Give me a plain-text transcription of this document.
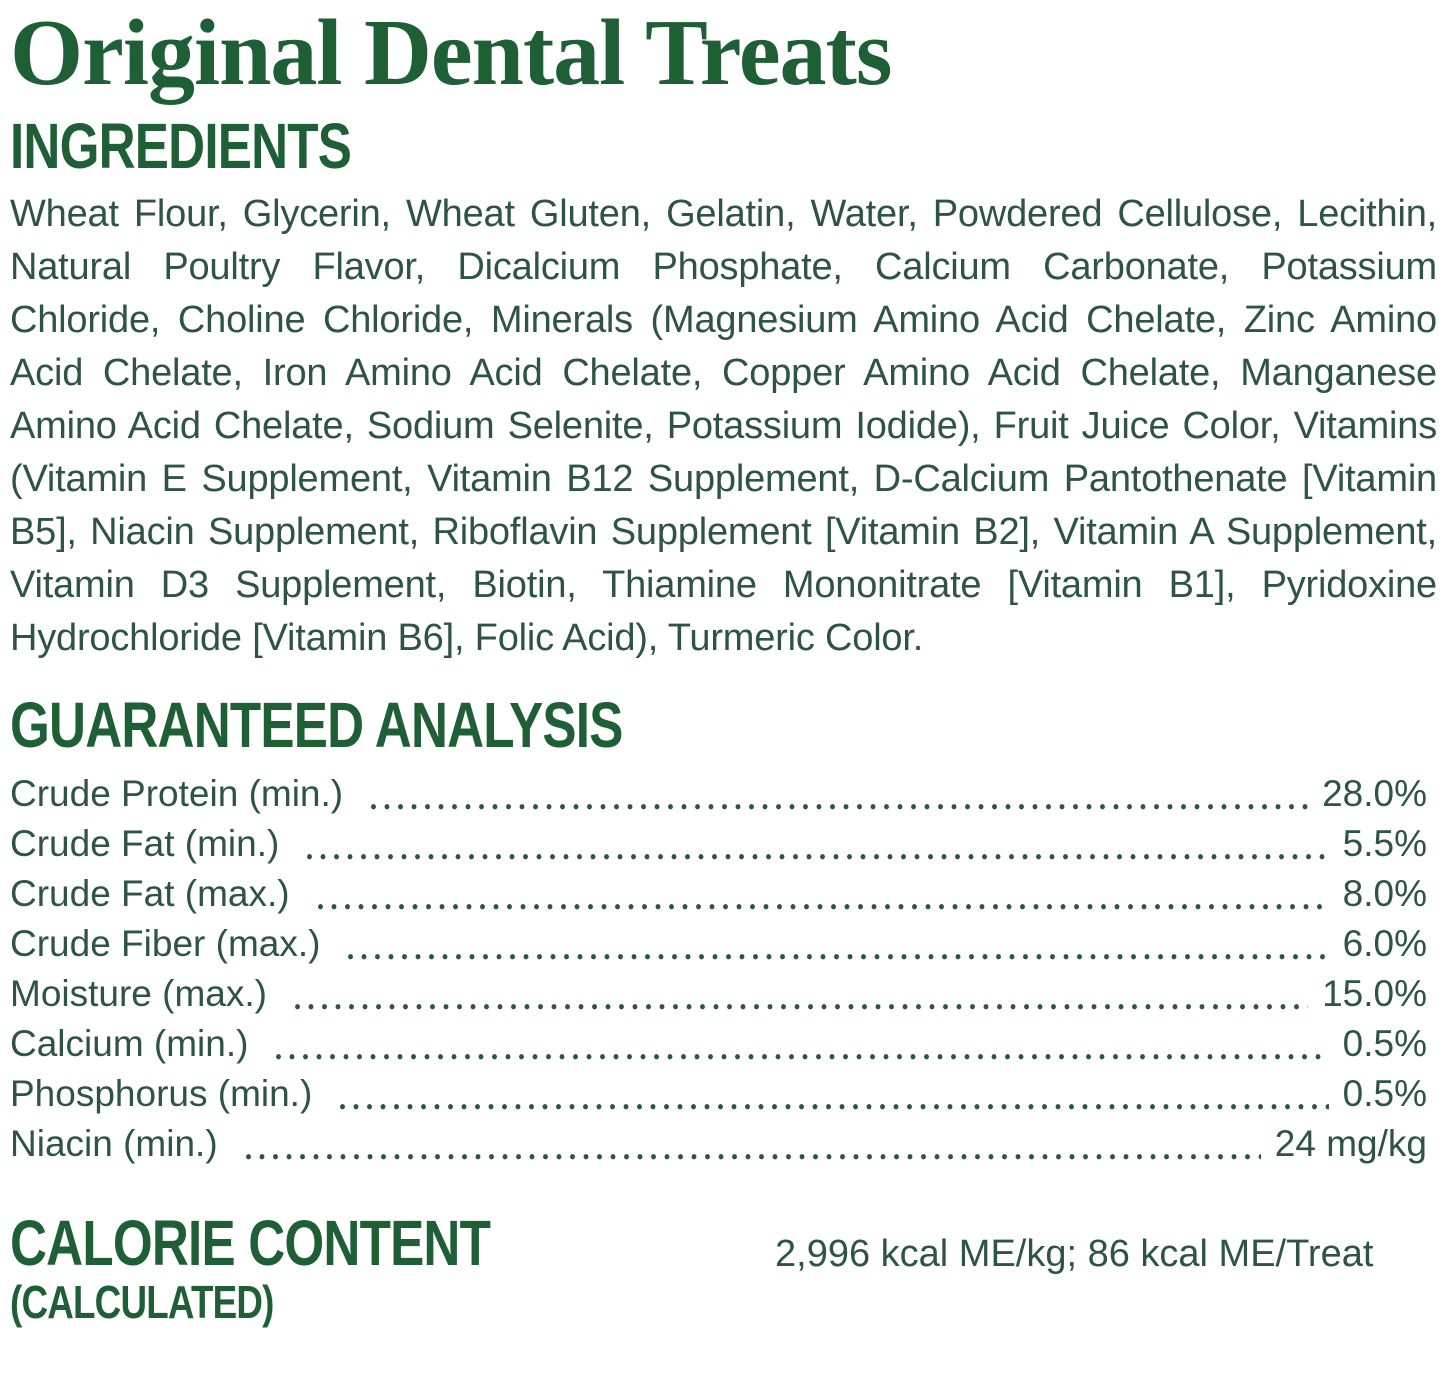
Original Dental Treats
INGREDIENTS

Wheat Flour, Glycerin, Wheat Gluten, Gelatin, Water, Powdered Cellulose, Lecithin, Natural Poultry Flavor, Dicalcium Phosphate, Calcium Carbonate, Potassium Chloride, Choline Chloride, Minerals (Magnesium Amino Acid Chelate, Zinc Amino Acid Chelate, Iron Amino Acid Chelate, Copper Amino Acid Chelate, Manganese Amino Acid Chelate, Sodium Selenite, Potassium Iodide), Fruit Juice Color, Vitamins (Vitamin E Supplement, Vitamin B12 Supplement, D-Calcium Pantothenate [Vitamin B5], Niacin Supplement, Riboflavin Supplement [Vitamin B2], Vitamin A Supplement, Vitamin D3 Supplement, Biotin, Thiamine Mononitrate [Vitamin B1], Pyridoxine Hydrochloride [Vitamin B6], Folic Acid), Turmeric Color.

GUARANTEED ANALYSIS
Crude Protein (min.)	28.0%
Crude Fat (min.)	5.5%
Crude Fat (max.)	8.0%
Crude Fiber (max.)	6.0%
Moisture (max.)	15.0%
Calcium (min.)	0.5%
Phosphorus (min.)	0.5%
Niacin (min.)	24 mg/kg
CALORIE CONTENT
(CALCULATED)
2,996 kcal ME/kg; 86 kcal ME/Treat
